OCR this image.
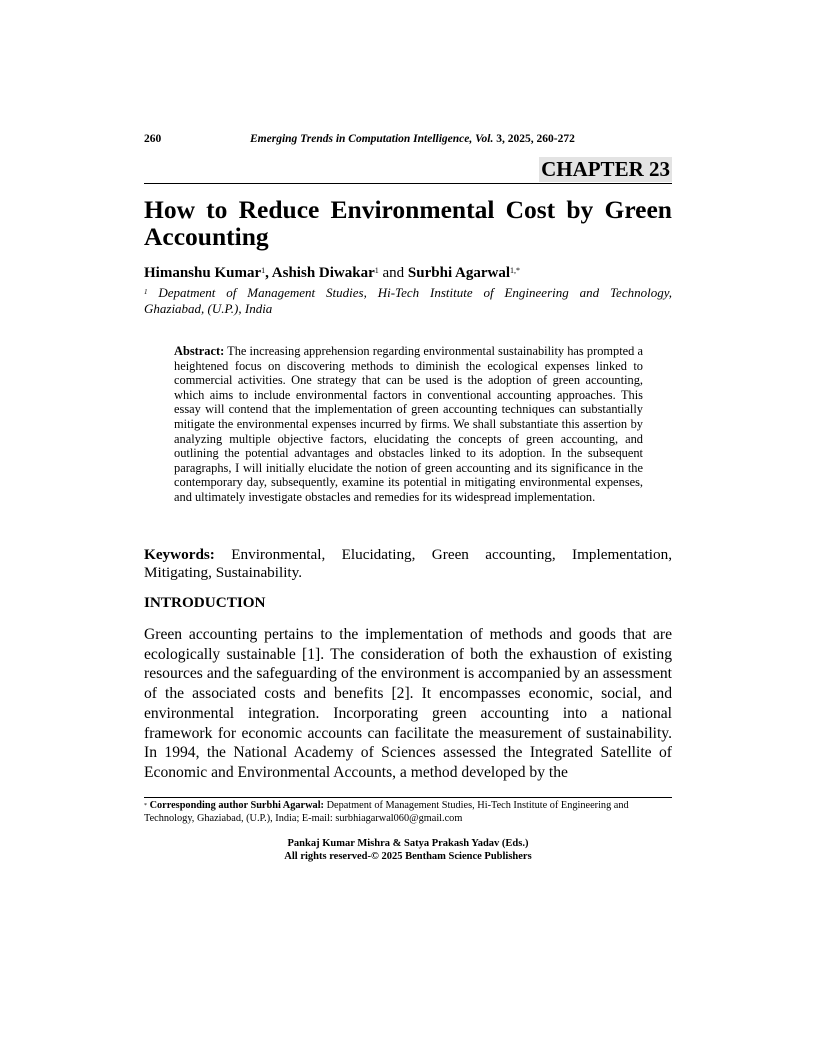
260	Emerging Trends in Computation Intelligence, Vol. 3, 2025, 260-272
CHAPTER 23
How to Reduce Environmental Cost by Green
Accounting
Himanshu Kumar$^1$, Ashish Diwakar$^1$ and Surbhi Agarwal$^{1,*}$
$^1$ Depatment of Management Studies, Hi-Tech Institute of Engineering and Technology,
Ghaziabad, (U.P.), India
Abstract: The increasing apprehension regarding environmental sustainability has prompted a heightened focus on discovering methods to diminish the ecological expenses linked to commercial activities. One strategy that can be used is the adoption of green accounting, which aims to include environmental factors in conventional accounting approaches. This essay will contend that the implementation of green accounting techniques can substantially mitigate the environmental expenses incurred by firms. We shall substantiate this assertion by analyzing multiple objective factors, elucidating the concepts of green accounting, and outlining the potential advantages and obstacles linked to its adoption. In the subsequent paragraphs, I will initially elucidate the notion of green accounting and its significance in the contemporary day, subsequently, examine its potential in mitigating environmental expenses, and ultimately investigate obstacles and remedies for its widespread implementation.
Keywords: Environmental, Elucidating, Green accounting, Implementation,
Mitigating, Sustainability.
INTRODUCTION
Green accounting pertains to the implementation of methods and goods that are ecologically sustainable [1]. The consideration of both the exhaustion of existing resources and the safeguarding of the environment is accompanied by an assessment of the associated costs and benefits [2]. It encompasses economic, social, and environmental integration. Incorporating green accounting into a national framework for economic accounts can facilitate the measurement of sustainability. In 1994, the National Academy of Sciences assessed the Integrated Satellite of Economic and Environmental Accounts, a method developed by the
* Corresponding author Surbhi Agarwal: Depatment of Management Studies, Hi-Tech Institute of Engineering and Technology, Ghaziabad, (U.P.), India; E-mail: surbhiagarwal060@gmail.com
Pankaj Kumar Mishra & Satya Prakash Yadav (Eds.)
All rights reserved-© 2025 Bentham Science Publishers
